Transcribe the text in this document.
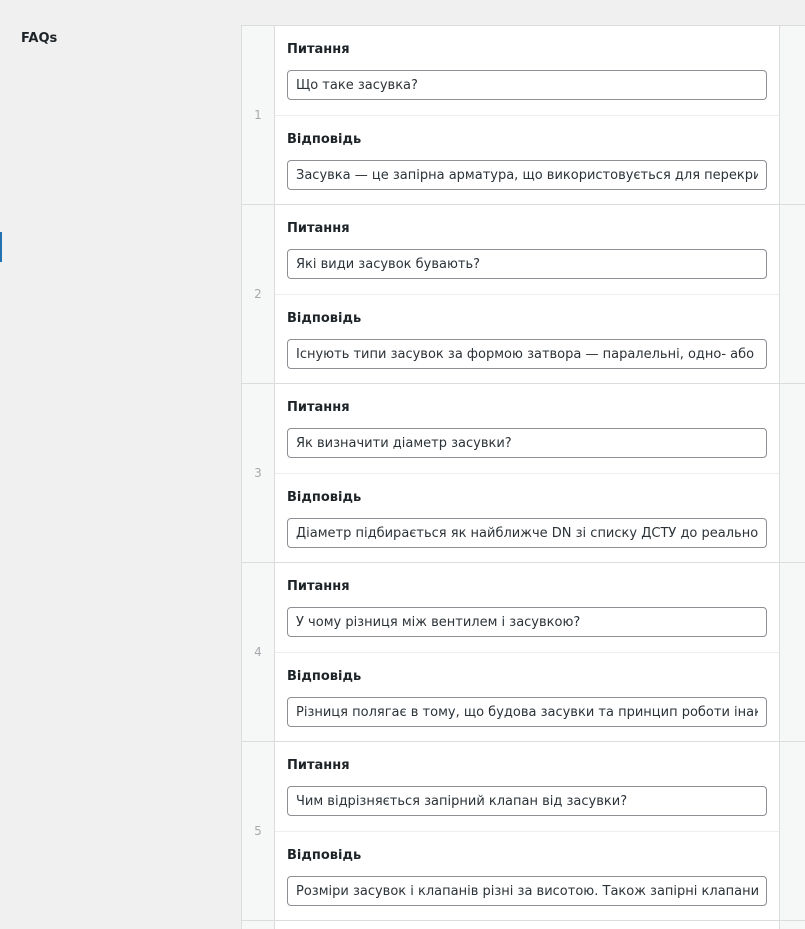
FAQs
1
Питання
Що таке засувка?
Відповідь
Засувка — це запірна арматура, що використовується для перекриття потоку робочого середовища
2
Питання
Які види засувок бувають?
Відповідь
Існують типи засувок за формою затвора — паралельні, одно- або дводискові клинові засувки
3
Питання
Як визначити діаметр засувки?
Відповідь
Діаметр підбирається як найближче DN зі списку ДСТУ до реального внутрішнього діаметра труби
4
Питання
У чому різниця між вентилем і засувкою?
Відповідь
Різниця полягає в тому, що будова засувки та принцип роботи інакші. У вентилі затвор рухається
5
Питання
Чим відрізняється запірний клапан від засувки?
Відповідь
Розміри засувок і клапанів різні за висотою. Також запірні клапани дозволяють регулювати потік
